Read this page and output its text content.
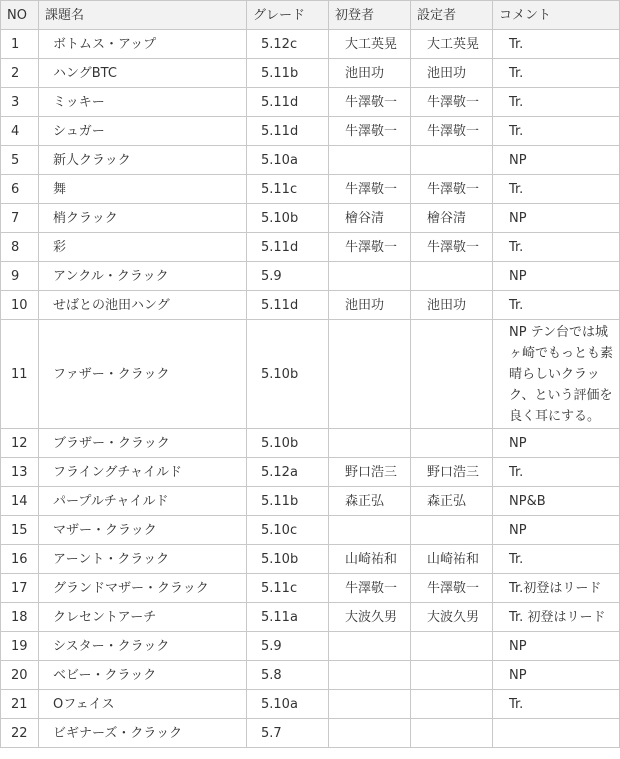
NO	課題名	グレード	初登者	設定者	コメント
1	ボトムス・アップ	5.12c	大工英晃	大工英晃	Tr.
2	ハングBTC	5.11b	池田功	池田功	Tr.
3	ミッキー	5.11d	牛澤敬一	牛澤敬一	Tr.
4	シュガー	5.11d	牛澤敬一	牛澤敬一	Tr.
5	新人クラック	5.10a			NP
6	舞	5.11c	牛澤敬一	牛澤敬一	Tr.
7	梢クラック	5.10b	檜谷清	檜谷清	NP
8	彩	5.11d	牛澤敬一	牛澤敬一	Tr.
9	アンクル・クラック	5.9			NP
10	せばとの池田ハング	5.11d	池田功	池田功	Tr.
11	ファザー・クラック	5.10b			NP テン台では城ヶ崎でもっとも素晴らしいクラック、という評価を良く耳にする。
12	ブラザー・クラック	5.10b			NP
13	フライングチャイルド	5.12a	野口浩三	野口浩三	Tr.
14	パープルチャイルド	5.11b	森正弘	森正弘	NP&B
15	マザー・クラック	5.10c			NP
16	アーント・クラック	5.10b	山崎祐和	山崎祐和	Tr.
17	グランドマザー・クラック	5.11c	牛澤敬一	牛澤敬一	Tr.初登はリード
18	クレセントアーチ	5.11a	大波久男	大波久男	Tr. 初登はリード
19	シスター・クラック	5.9			NP
20	ベビー・クラック	5.8			NP
21	Oフェイス	5.10a			Tr.
22	ビギナーズ・クラック	5.7			
